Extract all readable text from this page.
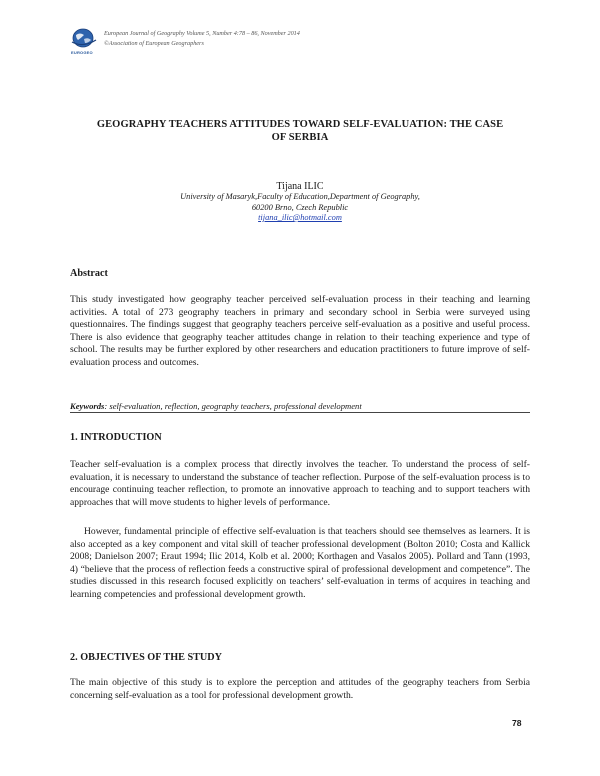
EUROGEO
European Journal of Geography Volume 5, Number 4:78 – 86, November 2014
©Association of European Geographers
GEOGRAPHY TEACHERS ATTITUDES TOWARD SELF-EVALUATION: THE CASE
OF SERBIA
Tijana ILIC
University of Masaryk,Faculty of Education,Department of Geography,
60200 Brno, Czech Republic
tijana_ilic@hotmail.com
Abstract

This study investigated how geography teacher perceived self-evaluation process in their teaching and learning activities. A total of 273 geography teachers in primary and secondary school in Serbia were surveyed using questionnaires. The findings suggest that geography teachers perceive self-evaluation as a positive and useful process. There is also evidence that geography teacher attitudes change in relation to their teaching experience and type of school. The results may be further explored by other researchers and education practitioners to future improve of self-evaluation process and outcomes.

Keywords: self-evaluation, reflection, geography teachers, professional development
1. INTRODUCTION

Teacher self-evaluation is a complex process that directly involves the teacher. To understand the process of self-evaluation, it is necessary to understand the substance of teacher reflection. Purpose of the self-evaluation process is to encourage continuing teacher reflection, to promote an innovative approach to teaching and to support teachers with approaches that will move students to higher levels of performance.

However, fundamental principle of effective self-evaluation is that teachers should see themselves as learners. It is also accepted as a key component and vital skill of teacher professional development (Bolton 2010; Costa and Kallick 2008; Danielson 2007; Eraut 1994; Ilic 2014, Kolb et al. 2000; Korthagen and Vasalos 2005). Pollard and Tann (1993, 4) “believe that the process of reflection feeds a constructive spiral of professional development and competence”. The studies discussed in this research focused explicitly on teachers’ self-evaluation in terms of acquires in teaching and learning competencies and professional development growth.

2. OBJECTIVES OF THE STUDY

The main objective of this study is to explore the perception and attitudes of the geography teachers from Serbia concerning self-evaluation as a tool for professional development growth.

78
